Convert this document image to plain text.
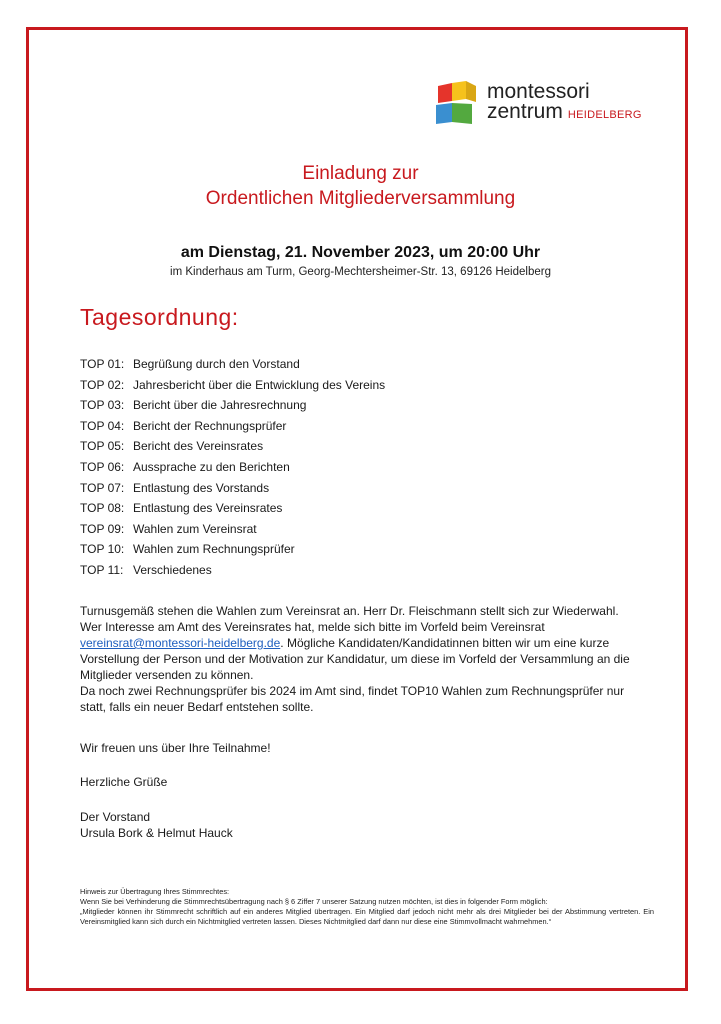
montessori
zentrum HEIDELBERG
Einladung zur
Ordentlichen Mitgliederversammlung
am Dienstag, 21. November 2023, um 20:00 Uhr
im Kinderhaus am Turm, Georg-Mechtersheimer-Str. 13, 69126 Heidelberg
Tagesordnung:
TOP 01: Begrüßung durch den Vorstand
TOP 02: Jahresbericht über die Entwicklung des Vereins
TOP 03: Bericht über die Jahresrechnung
TOP 04: Bericht der Rechnungsprüfer
TOP 05: Bericht des Vereinsrates
TOP 06: Aussprache zu den Berichten
TOP 07: Entlastung des Vorstands
TOP 08: Entlastung des Vereinsrates
TOP 09: Wahlen zum Vereinsrat
TOP 10: Wahlen zum Rechnungsprüfer
TOP 11: Verschiedenes
Turnusgemäß stehen die Wahlen zum Vereinsrat an. Herr Dr. Fleischmann stellt sich zur Wiederwahl. Wer Interesse am Amt des Vereinsrates hat, melde sich bitte im Vorfeld beim Vereinsrat vereinsrat@montessori-heidelberg.de. Mögliche Kandidaten/Kandidatinnen bitten wir um eine kurze Vorstellung der Person und der Motivation zur Kandidatur, um diese im Vorfeld der Versammlung an die Mitglieder versenden zu können.
Da noch zwei Rechnungsprüfer bis 2024 im Amt sind, findet TOP10 Wahlen zum Rechnungsprüfer nur statt, falls ein neuer Bedarf entstehen sollte.
Wir freuen uns über Ihre Teilnahme!
Herzliche Grüße
Der Vorstand
Ursula Bork & Helmut Hauck
Hinweis zur Übertragung Ihres Stimmrechtes:
Wenn Sie bei Verhinderung die Stimmrechtsübertragung nach § 6 Ziffer 7 unserer Satzung nutzen möchten, ist dies in folgender Form möglich:
„Mitglieder können ihr Stimmrecht schriftlich auf ein anderes Mitglied übertragen. Ein Mitglied darf jedoch nicht mehr als drei Mitglieder bei der Abstimmung vertreten. Ein Vereinsmitglied kann sich durch ein Nichtmitglied vertreten lassen. Dieses Nichtmitglied darf dann nur diese eine Stimmvollmacht wahrnehmen.“
